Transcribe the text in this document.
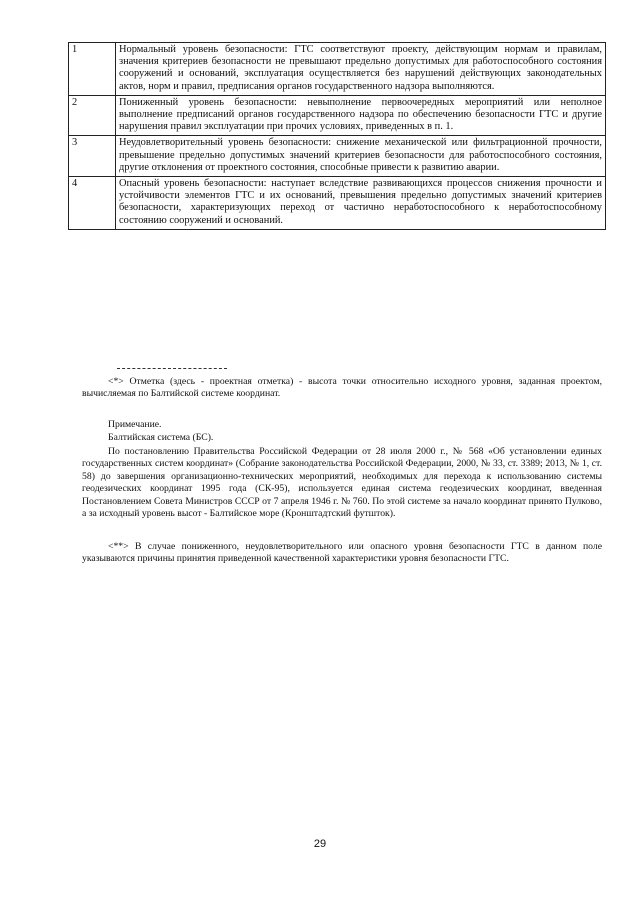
1	Нормальный уровень безопасности: ГТС соответствуют проекту, действующим нормам и правилам, значения критериев безопасности не превышают предельно допустимых для работоспособного состояния сооружений и оснований, эксплуатация осуществляется без нарушений действующих законодательных актов, норм и правил, предписания органов государственного надзора выполняются.
2	Пониженный уровень безопасности: невыполнение первоочередных мероприятий или неполное выполнение предписаний органов государственного надзора по обеспечению безопасности ГТС и другие нарушения правил эксплуатации при прочих условиях, приведенных в п. 1.
3	Неудовлетворительный уровень безопасности: снижение механической или фильтрационной прочности, превышение предельно допустимых значений критериев безопасности для работоспособного состояния, другие отклонения от проектного состояния, способные привести к развитию аварии.
4	Опасный уровень безопасности: наступает вследствие развивающихся процессов снижения прочности и устойчивости элементов ГТС и их оснований, превышения предельно допустимых значений критериев безопасности, характеризующих переход от частично неработоспособного к неработоспособному состоянию сооружений и оснований.

<*> Отметка (здесь - проектная отметка) - высота точки относительно исходного уровня, заданная проектом, вычисляемая по Балтийской системе координат.

Примечание.

Балтийская система (БС).

По постановлению Правительства Российской Федерации от 28 июля 2000 г., № 568 «Об установлении единых государственных систем координат» (Собрание законодательства Российской Федерации, 2000, № 33, ст. 3389; 2013, № 1, ст. 58) до завершения организационно-технических мероприятий, необходимых для перехода к использованию системы геодезических координат 1995 года (СК-95), используется единая система геодезических координат, введенная Постановлением Совета Министров СССР от 7 апреля 1946 г. № 760. По этой системе за начало координат принято Пулково, а за исходный уровень высот - Балтийское море (Кронштадтский футшток).

<**> В случае пониженного, неудовлетворительного или опасного уровня безопасности ГТС в данном поле указываются причины принятия приведенной качественной характеристики уровня безопасности ГТС.

29
